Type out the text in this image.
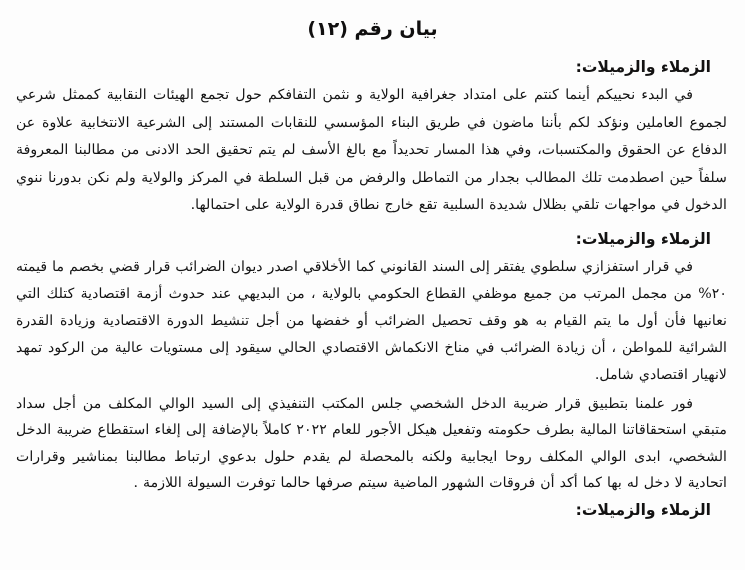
بيان رقم (١٢)
الزملاء والزميلات:

في البدء نحييكم أينما كنتم على امتداد جغرافية الولاية و نثمن التفافكم حول تجمع الهيئات النقابية كممثل شرعي لجموع العاملين ونؤكد لكم بأننا ماضون في طريق البناء المؤسسي للنقابات المستند إلى الشرعية الانتخابية علاوة عن الدفاع عن الحقوق والمكتسبات، وفي هذا المسار تحديداً مع بالغ الأسف لم يتم تحقيق الحد الادنى من مطالبنا المعروفة سلفاً حين اصطدمت تلك المطالب بجدار من التماطل والرفض من قبل السلطة في المركز والولاية ولم نكن بدورنا ننوي الدخول في مواجهات تلقي بظلال شديدة السلبية تقع خارج نطاق قدرة الولاية على احتمالها.

الزملاء والزميلات:

في قرار استفزازي سلطوي يفتقر إلى السند القانوني كما الأخلاقي اصدر ديوان الضرائب قرار قضي بخصم ما قيمته ٢٠% من مجمل المرتب من جميع موظفي القطاع الحكومي بالولاية ، من البديهي عند حدوث أزمة اقتصادية كتلك التي نعانيها فأن أول ما يتم القيام به هو وقف تحصيل الضرائب أو خفضها من أجل تنشيط الدورة الاقتصادية وزيادة القدرة الشرائية للمواطن ، أن زيادة الضرائب في مناخ الانكماش الاقتصادي الحالي سيقود إلى مستويات عالية من الركود تمهد لانهيار اقتصادي شامل.

فور علمنا بتطبيق قرار ضريبة الدخل الشخصي جلس المكتب التنفيذي إلى السيد الوالي المكلف من أجل سداد متبقي استحقاقاتنا المالية بطرف حكومته وتفعيل هيكل الأجور للعام ٢٠٢٢ كاملاً بالإضافة إلى إلغاء استقطاع ضريبة الدخل الشخصي، ابدى الوالي المكلف روحا ايجابية ولكنه بالمحصلة لم يقدم حلول بدعوي ارتباط مطالبنا بمناشير وقرارات اتحادية لا دخل له بها كما أكد أن فروقات الشهور الماضية سيتم صرفها حالما توفرت السيولة اللازمة .

الزملاء والزميلات:
